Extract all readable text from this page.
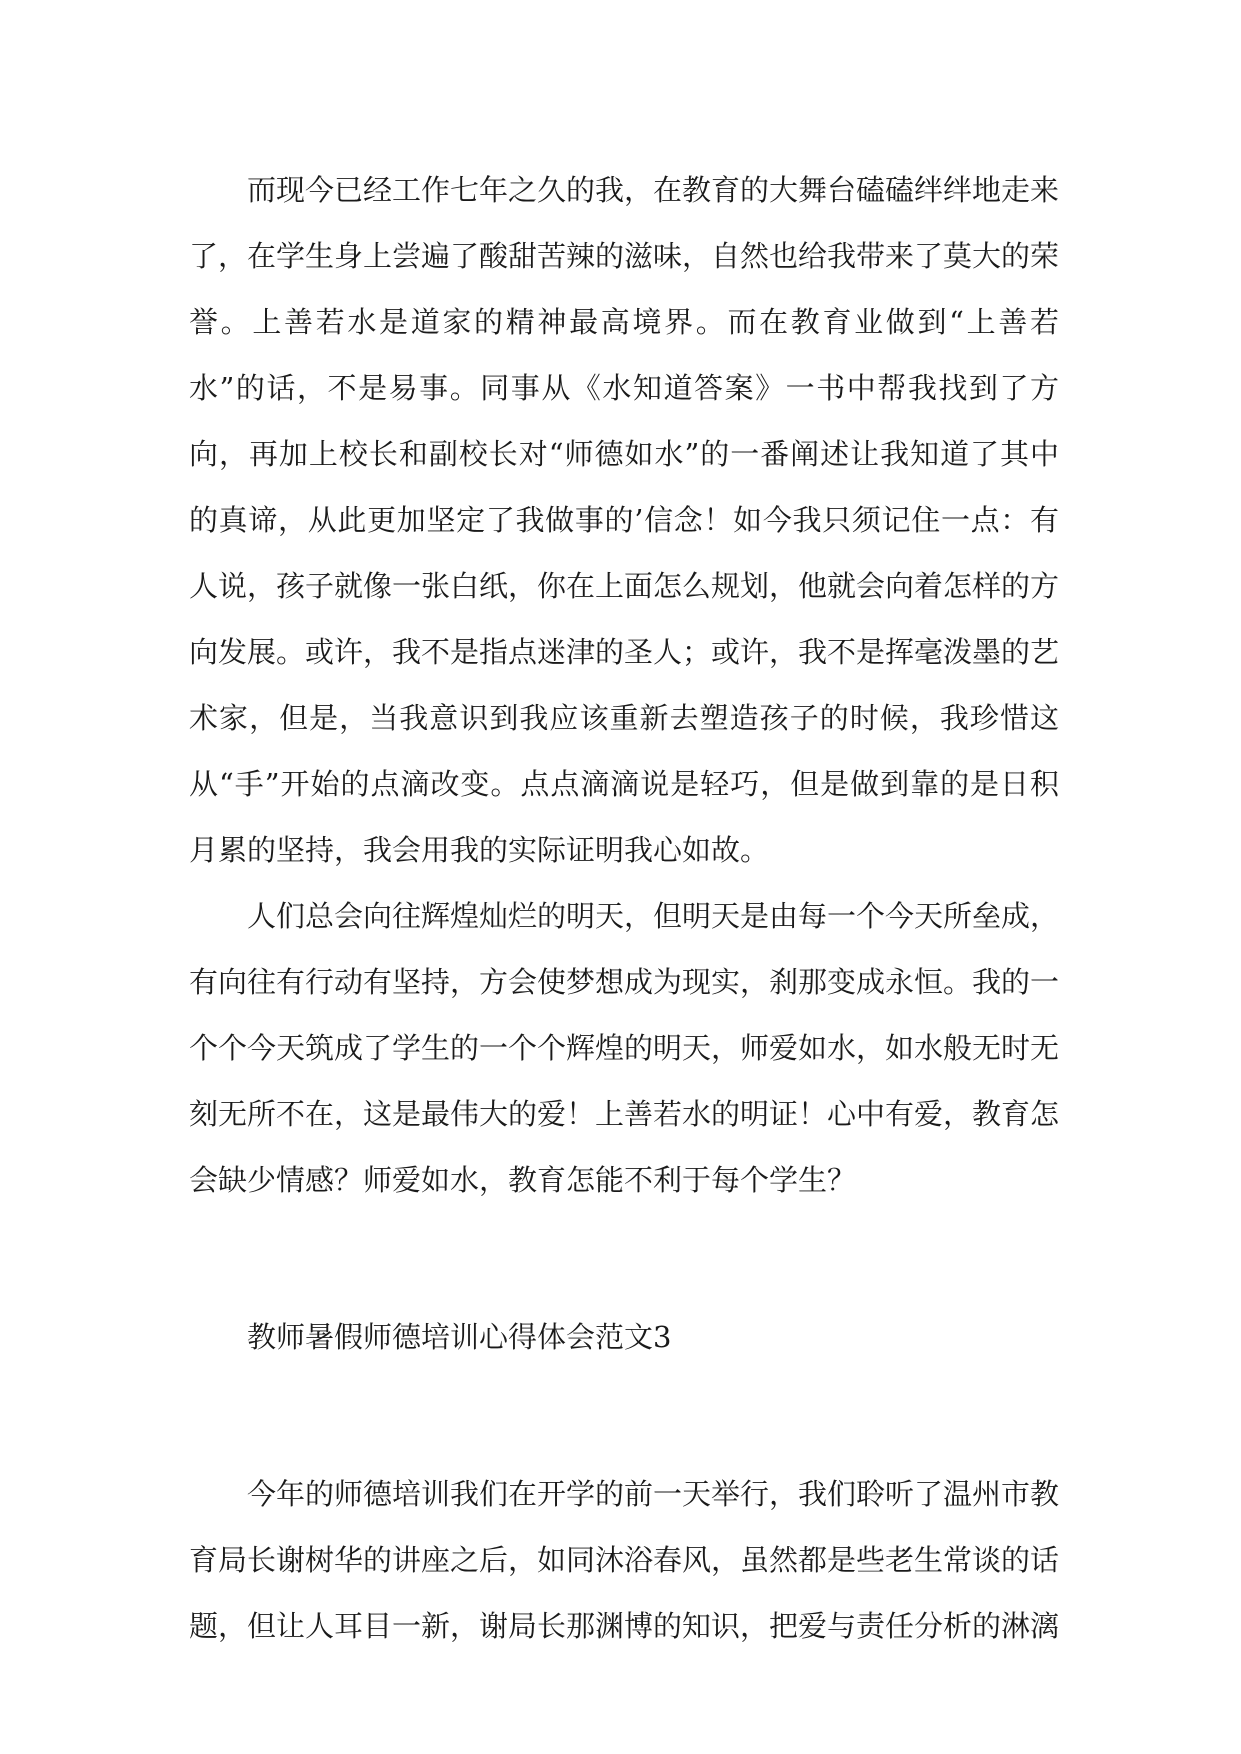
而现今已经工作七年之久的我，在教育的大舞台磕磕绊绊地走来了，在学生身上尝遍了酸甜苦辣的滋味，自然也给我带来了莫大的荣誉。上善若水是道家的精神最高境界。而在教育业做到“上善若水”的话，不是易事。同事从《水知道答案》一书中帮我找到了方向，再加上校长和副校长对“师德如水”的一番阐述让我知道了其中的真谛，从此更加坚定了我做事的’信念！如今我只须记住一点：有人说，孩子就像一张白纸，你在上面怎么规划，他就会向着怎样的方向发展。或许，我不是指点迷津的圣人；或许，我不是挥毫泼墨的艺术家，但是，当我意识到我应该重新去塑造孩子的时候，我珍惜这从“手”开始的点滴改变。点点滴滴说是轻巧，但是做到靠的是日积月累的坚持，我会用我的实际证明我心如故。

人们总会向往辉煌灿烂的明天，但明天是由每一个今天所垒成，有向往有行动有坚持，方会使梦想成为现实，刹那变成永恒。我的一个个今天筑成了学生的一个个辉煌的明天，师爱如水，如水般无时无刻无所不在，这是最伟大的爱！上善若水的明证！心中有爱，教育怎会缺少情感？师爱如水，教育怎能不利于每个学生？

教师暑假师德培训心得体会范文3

今年的师德培训我们在开学的前一天举行，我们聆听了温州市教育局长谢树华的讲座之后，如同沐浴春风，虽然都是些老生常谈的话题，但让人耳目一新，谢局长那渊博的知识，把爱与责任分析的淋漓
